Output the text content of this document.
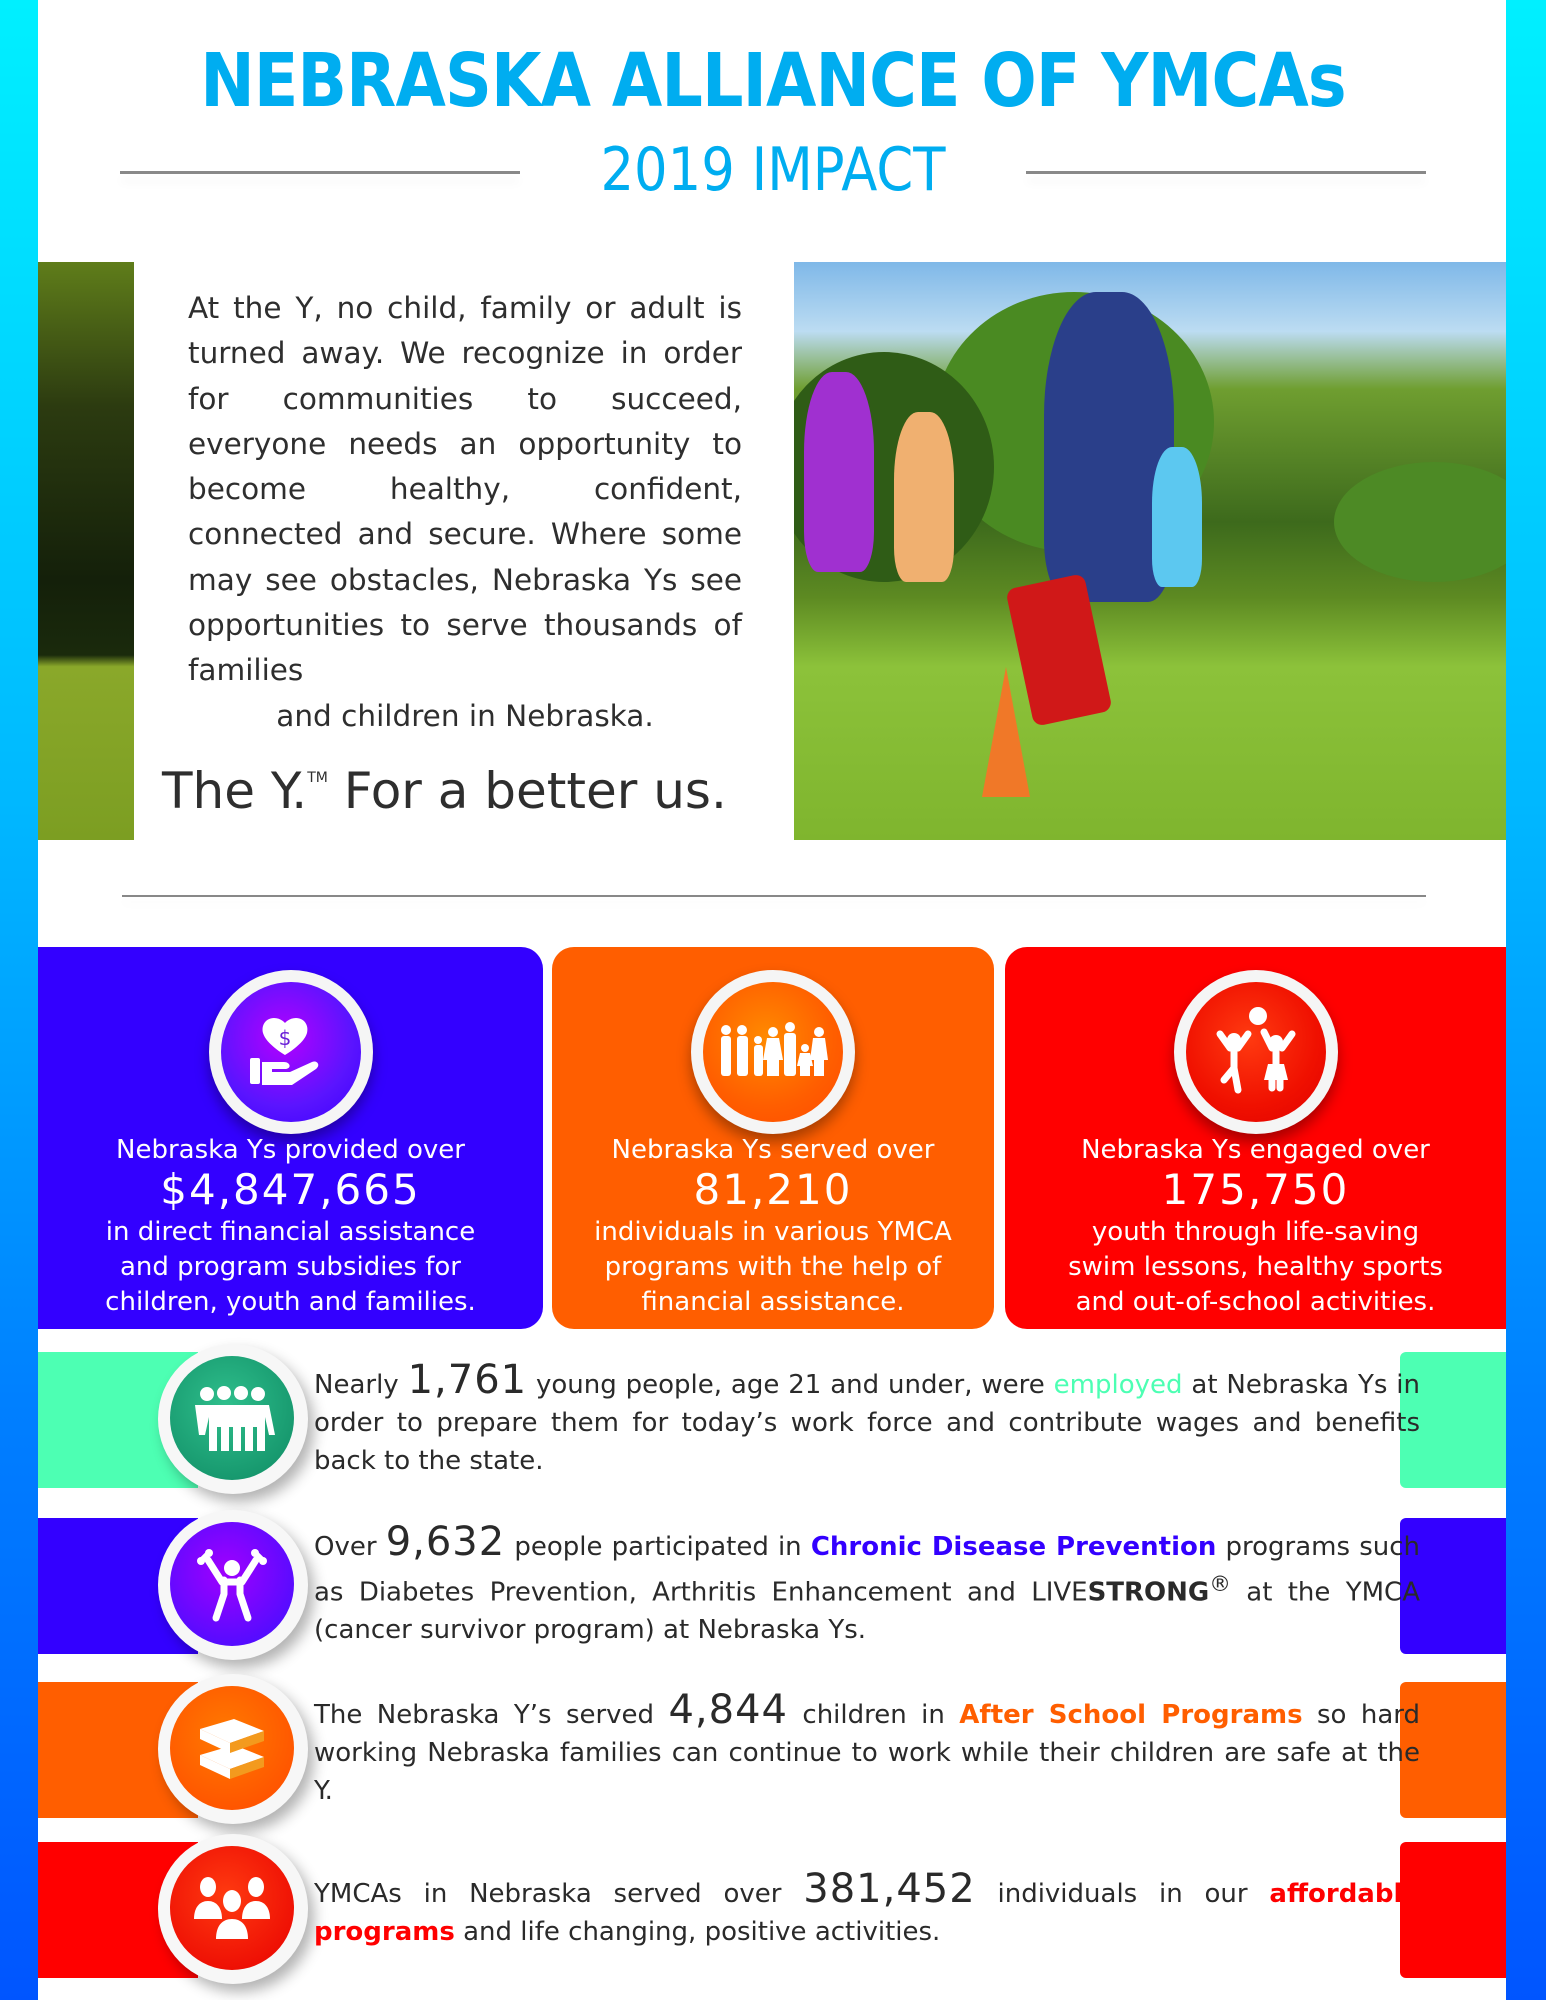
NEBRASKA ALLIANCE OF YMCAs
2019 IMPACT
At the Y, no child, family or adult is turned away. We recognize in order for communities to succeed, everyone needs an opportunity to become healthy, confident, connected and secure. Where some may see obstacles, Nebraska Ys see opportunities to serve thousands of families
and children in Nebraska.
The Y.™ For a better us.
$
Nebraska Ys provided over
$4,847,665
in direct financial assistance
and program subsidies for
children, youth and families.
Nebraska Ys served over
81,210
individuals in various YMCA
programs with the help of
financial assistance.
Nebraska Ys engaged over
175,750
youth through life-saving
swim lessons, healthy sports
and out-of-school activities.

Nearly 1,761 young people, age 21 and under, were employed at Nebraska Ys in order to prepare them for today’s work force and contribute wages and benefits back to the state.

Over 9,632 people participated in Chronic Disease Prevention programs such as Diabetes Prevention, Arthritis Enhancement and LIVESTRONG® at the YMCA (cancer survivor program) at Nebraska Ys.

The Nebraska Y’s served 4,844 children in After School Programs so hard working Nebraska families can continue to work while their children are safe at the Y.

YMCAs in Nebraska served over 381,452 individuals in our affordable programs and life changing, positive activities.
